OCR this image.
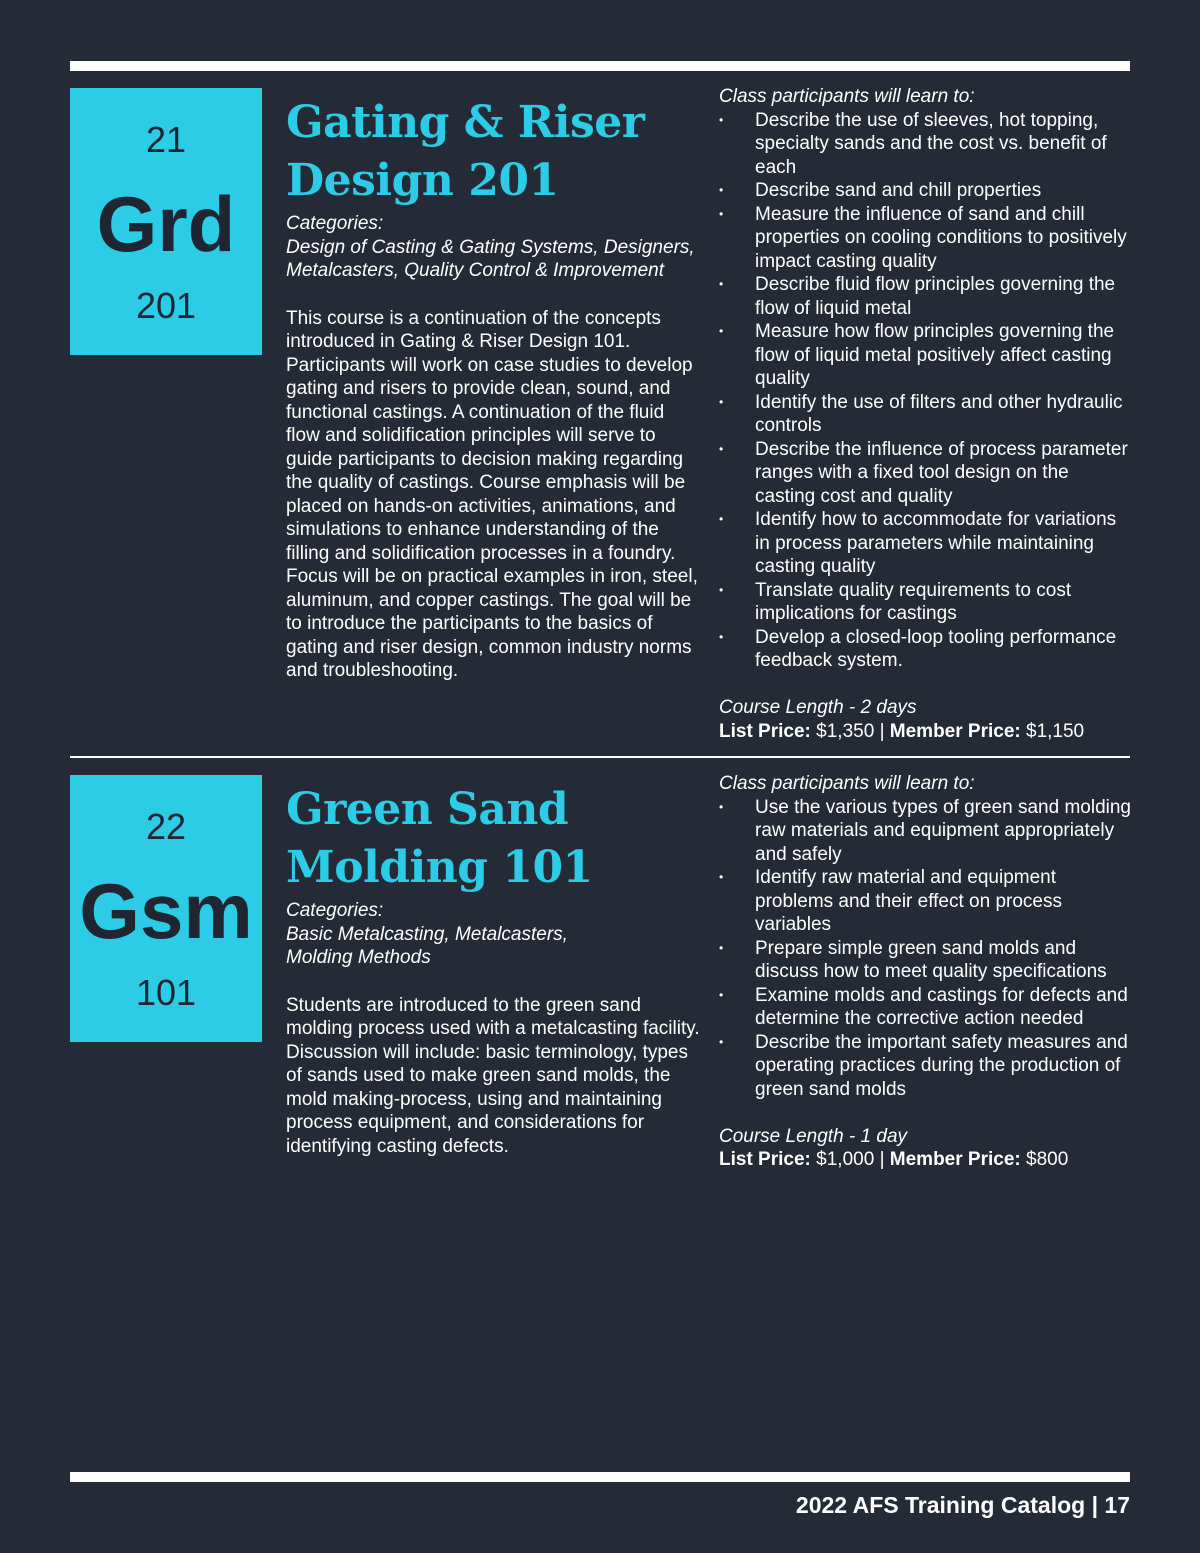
21
Grd
201
Gating & Riser
Design 201
Categories:
Design of Casting & Gating Systems, Designers,
Metalcasters, Quality Control & Improvement

This course is a continuation of the concepts introduced in Gating & Riser Design 101. Participants will work on case studies to develop gating and risers to provide clean, sound, and functional castings. A continuation of the fluid flow and solidification principles will serve to guide participants to decision making regarding the quality of castings. Course emphasis will be placed on hands-on activities, animations, and simulations to enhance understanding of the filling and solidification processes in a foundry. Focus will be on practical examples in iron, steel, aluminum, and copper castings. The goal will be to introduce the participants to the basics of gating and riser design, common industry norms and troubleshooting.

Class participants will learn to:
•	Describe the use of sleeves, hot topping, specialty sands and the cost vs. benefit of each
•	Describe sand and chill properties
•	Measure the influence of sand and chill properties on cooling conditions to positively impact casting quality
•	Describe fluid flow principles governing the flow of liquid metal
•	Measure how flow principles governing the flow of liquid metal positively affect casting quality
•	Identify the use of filters and other hydraulic controls
•	Describe the influence of process parameter ranges with a fixed tool design on the casting cost and quality
•	Identify how to accommodate for variations in process parameters while maintaining casting quality
•	Translate quality requirements to cost implications for castings
•	Develop a closed-loop tooling performance feedback system.
Course Length - 2 days
List Price: $1,350 | Member Price: $1,150
22
Gsm
101
Green Sand
Molding 101
Categories:
Basic Metalcasting, Metalcasters,
Molding Methods

Students are introduced to the green sand molding process used with a metalcasting facility. Discussion will include: basic terminology, types of sands used to make green sand molds, the mold making-process, using and maintaining process equipment, and considerations for identifying casting defects.

Class participants will learn to:
•	Use the various types of green sand molding raw materials and equipment appropriately and safely
•	Identify raw material and equipment problems and their effect on process variables
•	Prepare simple green sand molds and discuss how to meet quality specifications
•	Examine molds and castings for defects and determine the corrective action needed
•	Describe the important safety measures and operating practices during the production of green sand molds
Course Length - 1 day
List Price: $1,000 | Member Price: $800
2022 AFS Training Catalog | 17
